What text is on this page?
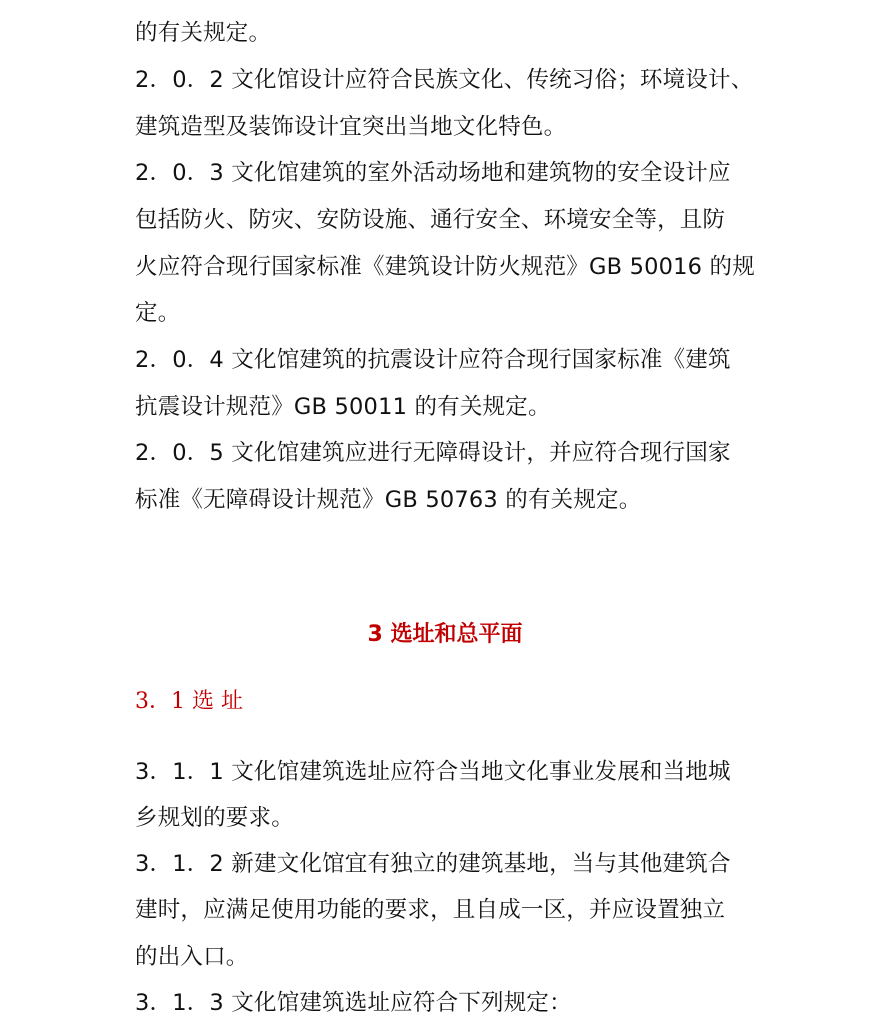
的有关规定。
2．0．2 文化馆设计应符合民族文化、传统习俗；环境设计、
建筑造型及装饰设计宜突出当地文化特色。
2．0．3 文化馆建筑的室外活动场地和建筑物的安全设计应
包括防火、防灾、安防设施、通行安全、环境安全等，且防
火应符合现行国家标准《建筑设计防火规范》GB 50016 的规
定。
2．0．4 文化馆建筑的抗震设计应符合现行国家标准《建筑
抗震设计规范》GB 50011 的有关规定。
2．0．5 文化馆建筑应进行无障碍设计，并应符合现行国家
标准《无障碍设计规范》GB 50763 的有关规定。
3 选址和总平面
3．1 选 址
3．1．1 文化馆建筑选址应符合当地文化事业发展和当地城
乡规划的要求。
3．1．2 新建文化馆宜有独立的建筑基地，当与其他建筑合
建时，应满足使用功能的要求，且自成一区，并应设置独立
的出入口。
3．1．3 文化馆建筑选址应符合下列规定：
